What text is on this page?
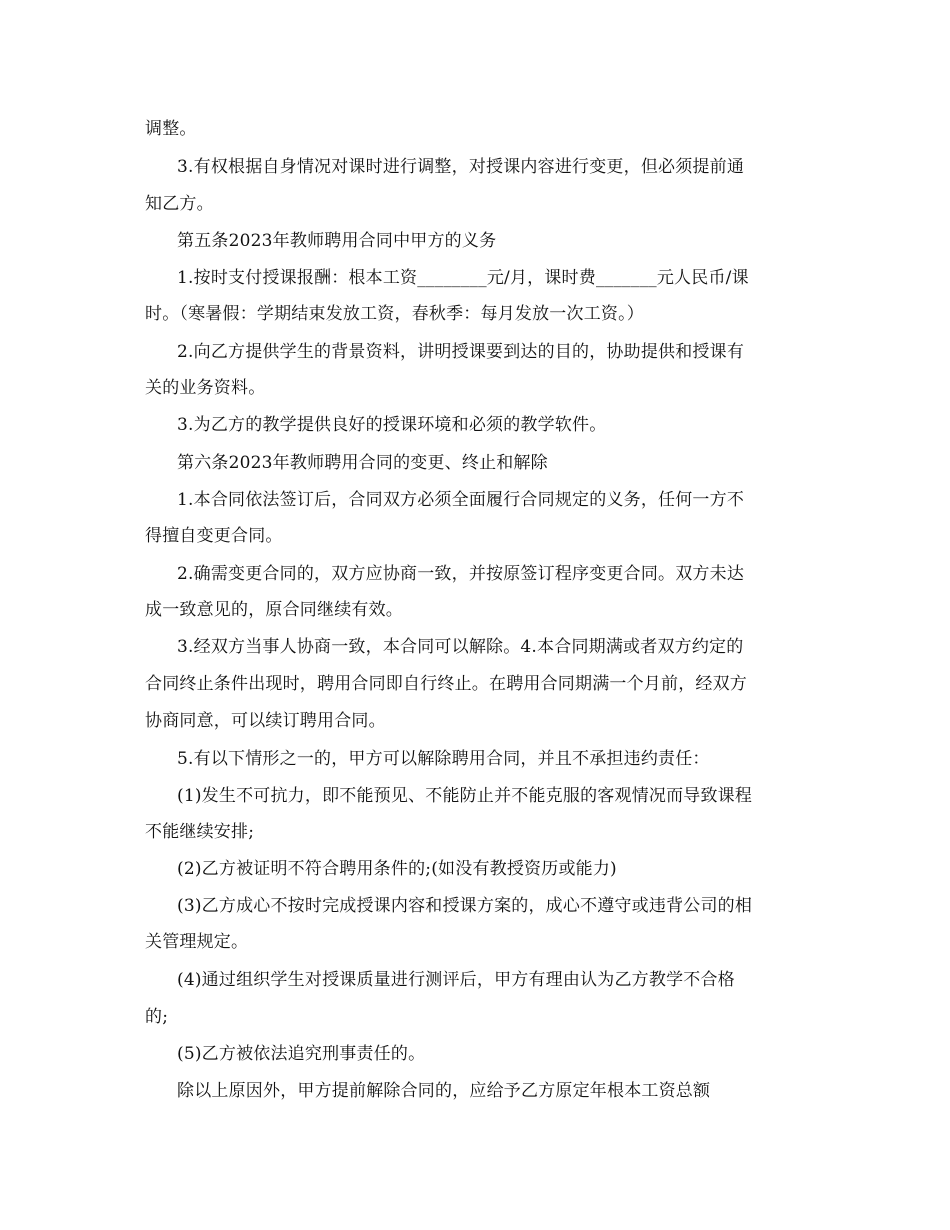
调整。
3.有权根据自身情况对课时进行调整，对授课内容进行变更，但必须提前通
知乙方。
第五条2023年教师聘用合同中甲方的义务
1.按时支付授课报酬：根本工资________元/月，课时费_______元人民币/课
时。（寒暑假：学期结束发放工资，春秋季：每月发放一次工资。）
2.向乙方提供学生的背景资料，讲明授课要到达的目的，协助提供和授课有
关的业务资料。
3.为乙方的教学提供良好的授课环境和必须的教学软件。
第六条2023年教师聘用合同的变更、终止和解除
1.本合同依法签订后，合同双方必须全面履行合同规定的义务，任何一方不
得擅自变更合同。
2.确需变更合同的，双方应协商一致，并按原签订程序变更合同。双方未达
成一致意见的，原合同继续有效。
3.经双方当事人协商一致，本合同可以解除。4.本合同期满或者双方约定的
合同终止条件出现时，聘用合同即自行终止。在聘用合同期满一个月前，经双方
协商同意，可以续订聘用合同。
5.有以下情形之一的，甲方可以解除聘用合同，并且不承担违约责任：
(1)发生不可抗力，即不能预见、不能防止并不能克服的客观情况而导致课程
不能继续安排;
(2)乙方被证明不符合聘用条件的;(如没有教授资历或能力)
(3)乙方成心不按时完成授课内容和授课方案的，成心不遵守或违背公司的相
关管理规定。
(4)通过组织学生对授课质量进行测评后，甲方有理由认为乙方教学不合格
的;
(5)乙方被依法追究刑事责任的。
除以上原因外，甲方提前解除合同的，应给予乙方原定年根本工资总额
